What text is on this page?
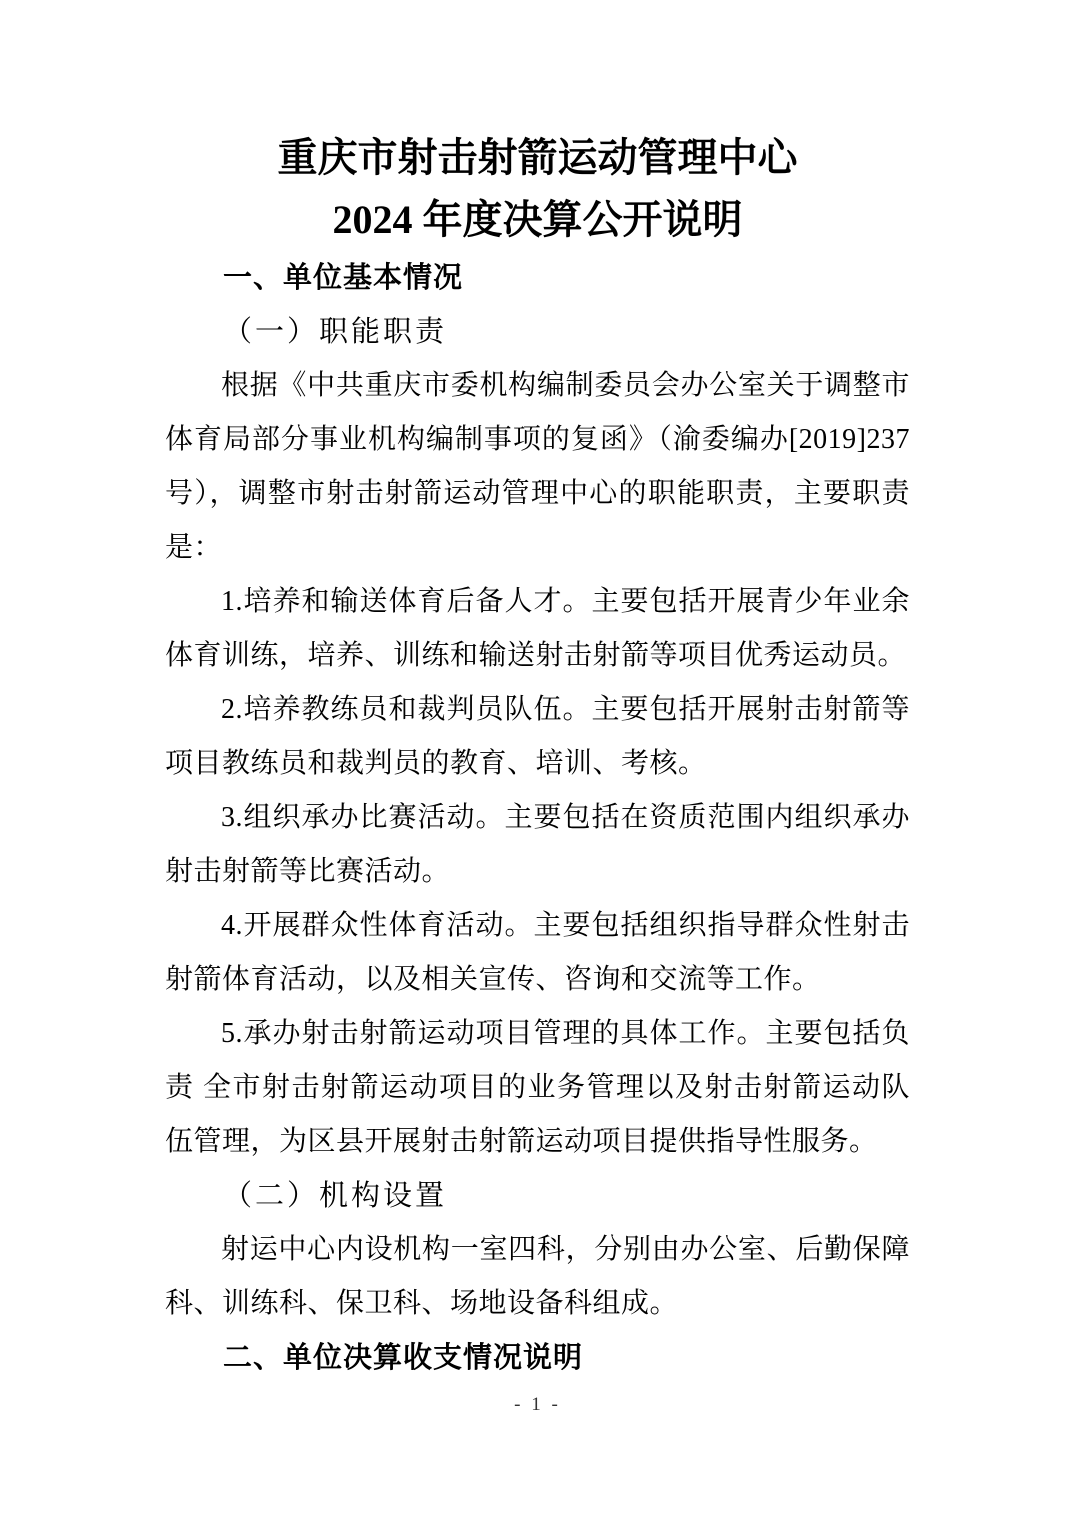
重庆市射击射箭运动管理中心
2024 年度决算公开说明
一、单位基本情况
（一）职能职责

根据《中共重庆市委机构编制委员会办公室关于调整市体育局部分事业机构编制事项的复函》（渝委编办[2019]237号），调整市射击射箭运动管理中心的职能职责，主要职责是：

1.培养和输送体育后备人才。主要包括开展青少年业余体育训练，培养、训练和输送射击射箭等项目优秀运动员。

2.培养教练员和裁判员队伍。主要包括开展射击射箭等项目教练员和裁判员的教育、培训、考核。

3.组织承办比赛活动。主要包括在资质范围内组织承办射击射箭等比赛活动。

4.开展群众性体育活动。主要包括组织指导群众性射击射箭体育活动，以及相关宣传、咨询和交流等工作。

5.承办射击射箭运动项目管理的具体工作。主要包括负责 全市射击射箭运动项目的业务管理以及射击射箭运动队伍管理，为区县开展射击射箭运动项目提供指导性服务。

（二）机构设置

射运中心内设机构一室四科，分别由办公室、后勤保障科、训练科、保卫科、场地设备科组成。

二、单位决算收支情况说明
- 1 -
